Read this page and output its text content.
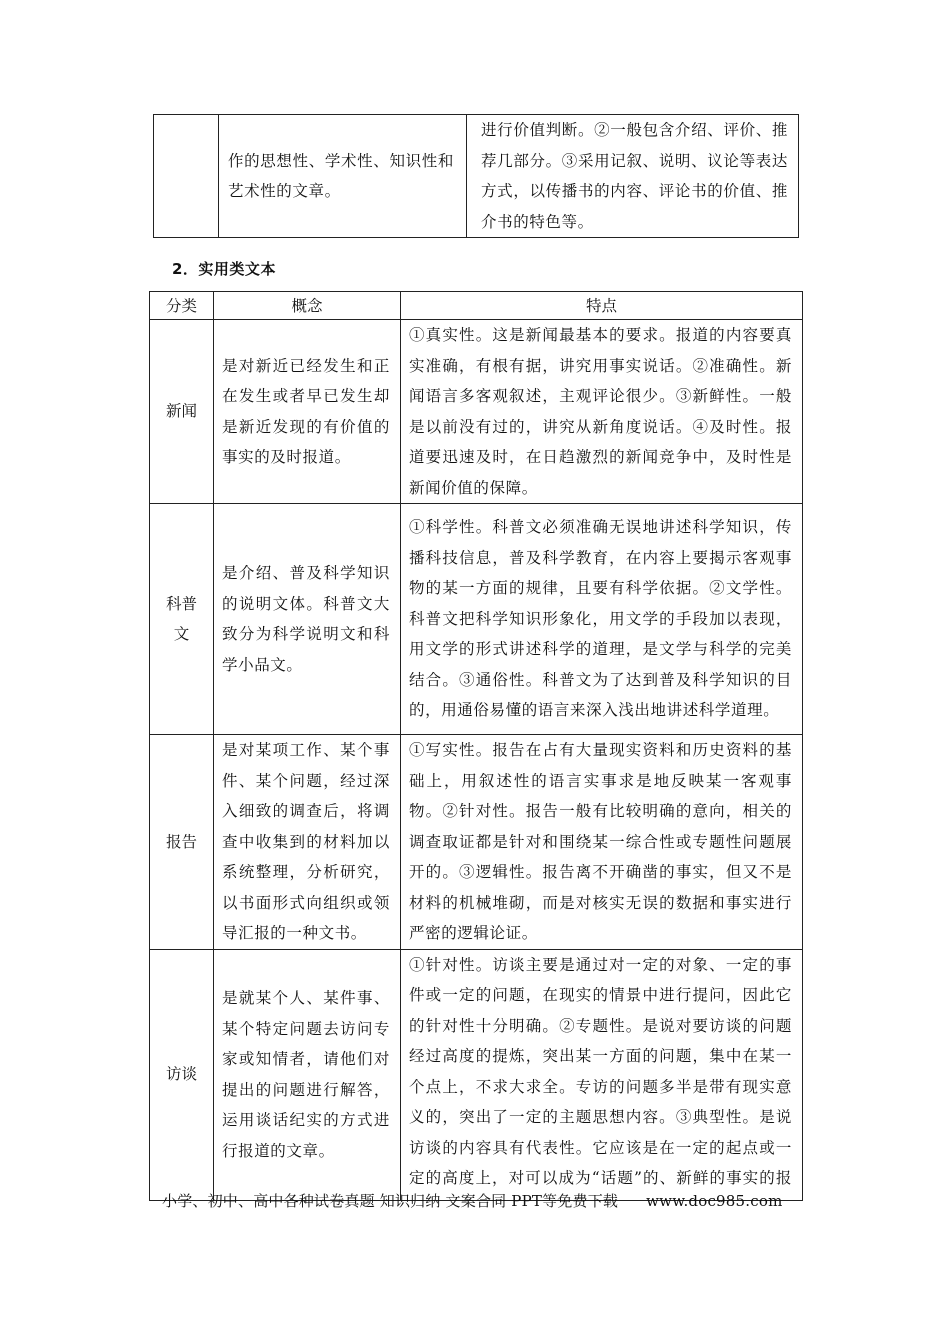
	作的思想性、学术性、知识性和艺术性的文章。	进行价值判断。②一般包含介绍、评价、推荐几部分。③采用记叙、说明、议论等表达方式，以传播书的内容、评论书的价值、推介书的特色等。
2．实用类文本
分类	概念	特点
新闻	是对新近已经发生和正在发生或者早已发生却是新近发现的有价值的事实的及时报道。	①真实性。这是新闻最基本的要求。报道的内容要真实准确，有根有据，讲究用事实说话。②准确性。新闻语言多客观叙述，主观评论很少。③新鲜性。一般是以前没有过的，讲究从新角度说话。④及时性。报道要迅速及时，在日趋激烈的新闻竞争中，及时性是新闻价值的保障。
科普文	是介绍、普及科学知识的说明文体。科普文大致分为科学说明文和科学小品文。	①科学性。科普文必须准确无误地讲述科学知识，传播科技信息，普及科学教育，在内容上要揭示客观事物的某一方面的规律，且要有科学依据。②文学性。科普文把科学知识形象化，用文学的手段加以表现，用文学的形式讲述科学的道理，是文学与科学的完美结合。③通俗性。科普文为了达到普及科学知识的目的，用通俗易懂的语言来深入浅出地讲述科学道理。
报告	是对某项工作、某个事件、某个问题，经过深入细致的调查后，将调查中收集到的材料加以系统整理，分析研究，以书面形式向组织或领导汇报的一种文书。	①写实性。报告在占有大量现实资料和历史资料的基础上，用叙述性的语言实事求是地反映某一客观事物。②针对性。报告一般有比较明确的意向，相关的调查取证都是针对和围绕某一综合性或专题性问题展开的。③逻辑性。报告离不开确凿的事实，但又不是材料的机械堆砌，而是对核实无误的数据和事实进行严密的逻辑论证。
访谈	是就某个人、某件事、某个特定问题去访问专家或知情者，请他们对提出的问题进行解答，运用谈话纪实的方式进行报道的文章。	①针对性。访谈主要是通过对一定的对象、一定的事件或一定的问题，在现实的情景中进行提问，因此它的针对性十分明确。②专题性。是说对要访谈的问题经过高度的提炼，突出某一方面的问题，集中在某一个点上，不求大求全。专访的问题多半是带有现实意义的，突出了一定的主题思想内容。③典型性。是说访谈的内容具有代表性。它应该是在一定的起点或一定的高度上，对可以成为“话题”的、新鲜的事实的报
小学、初中、高中各种试卷真题 知识归纳 文案合同 PPT等免费下载 www.doc985.com
